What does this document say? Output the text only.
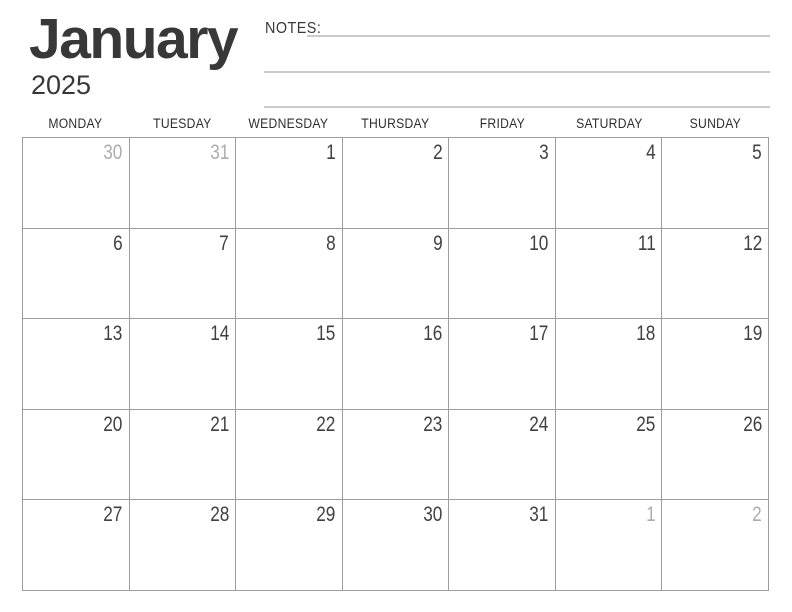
January
2025
NOTES:
MONDAY	TUESDAY	WEDNESDAY	THURSDAY	FRIDAY	SATURDAY	SUNDAY
30	31	1	2	3	4	5
6	7	8	9	10	11	12
13	14	15	16	17	18	19
20	21	22	23	24	25	26
27	28	29	30	31	1	2
